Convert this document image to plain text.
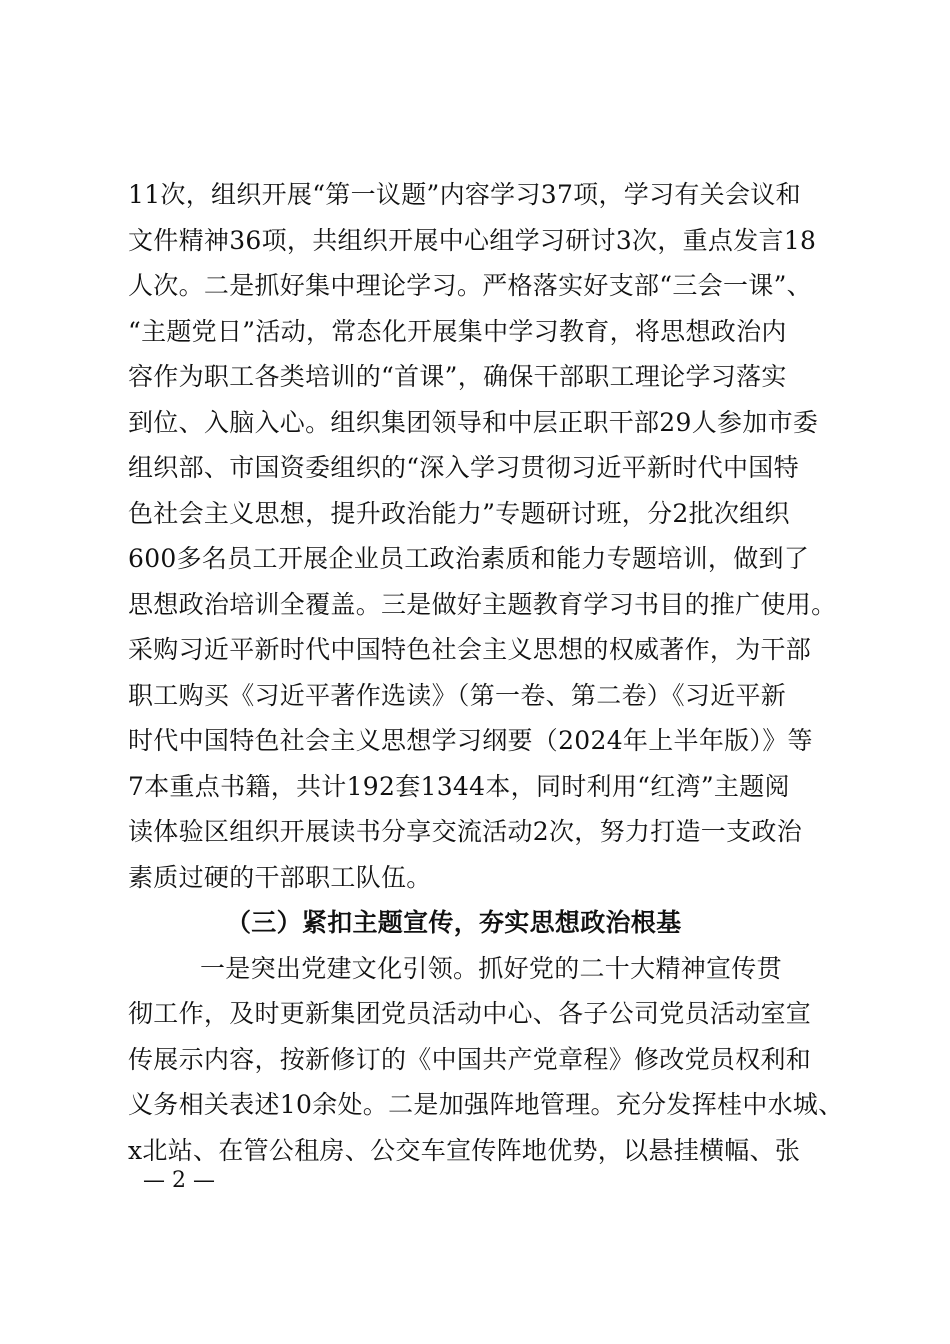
11次，组织开展“第一议题”内容学习37项，学习有关会议和
文件精神36项，共组织开展中心组学习研讨3次，重点发言18
人次。二是抓好集中理论学习。严格落实好支部“三会一课”、
“主题党日”活动，常态化开展集中学习教育，将思想政治内
容作为职工各类培训的“首课”，确保干部职工理论学习落实
到位、入脑入心。组织集团领导和中层正职干部29人参加市委
组织部、市国资委组织的“深入学习贯彻习近平新时代中国特
色社会主义思想，提升政治能力”专题研讨班，分2批次组织
600多名员工开展企业员工政治素质和能力专题培训，做到了
思想政治培训全覆盖。三是做好主题教育学习书目的推广使用。
采购习近平新时代中国特色社会主义思想的权威著作，为干部
职工购买《习近平著作选读》（第一卷、第二卷）《习近平新
时代中国特色社会主义思想学习纲要（2024年上半年版）》等
7本重点书籍，共计192套1344本，同时利用“红湾”主题阅
读体验区组织开展读书分享交流活动2次，努力打造一支政治
素质过硬的干部职工队伍。
（三）紧扣主题宣传，夯实思想政治根基
一是突出党建文化引领。抓好党的二十大精神宣传贯
彻工作，及时更新集团党员活动中心、各子公司党员活动室宣
传展示内容，按新修订的《中国共产党章程》修改党员权利和
义务相关表述10余处。二是加强阵地管理。充分发挥桂中水城、
x北站、在管公租房、公交车宣传阵地优势，以悬挂横幅、张
— 2 —
